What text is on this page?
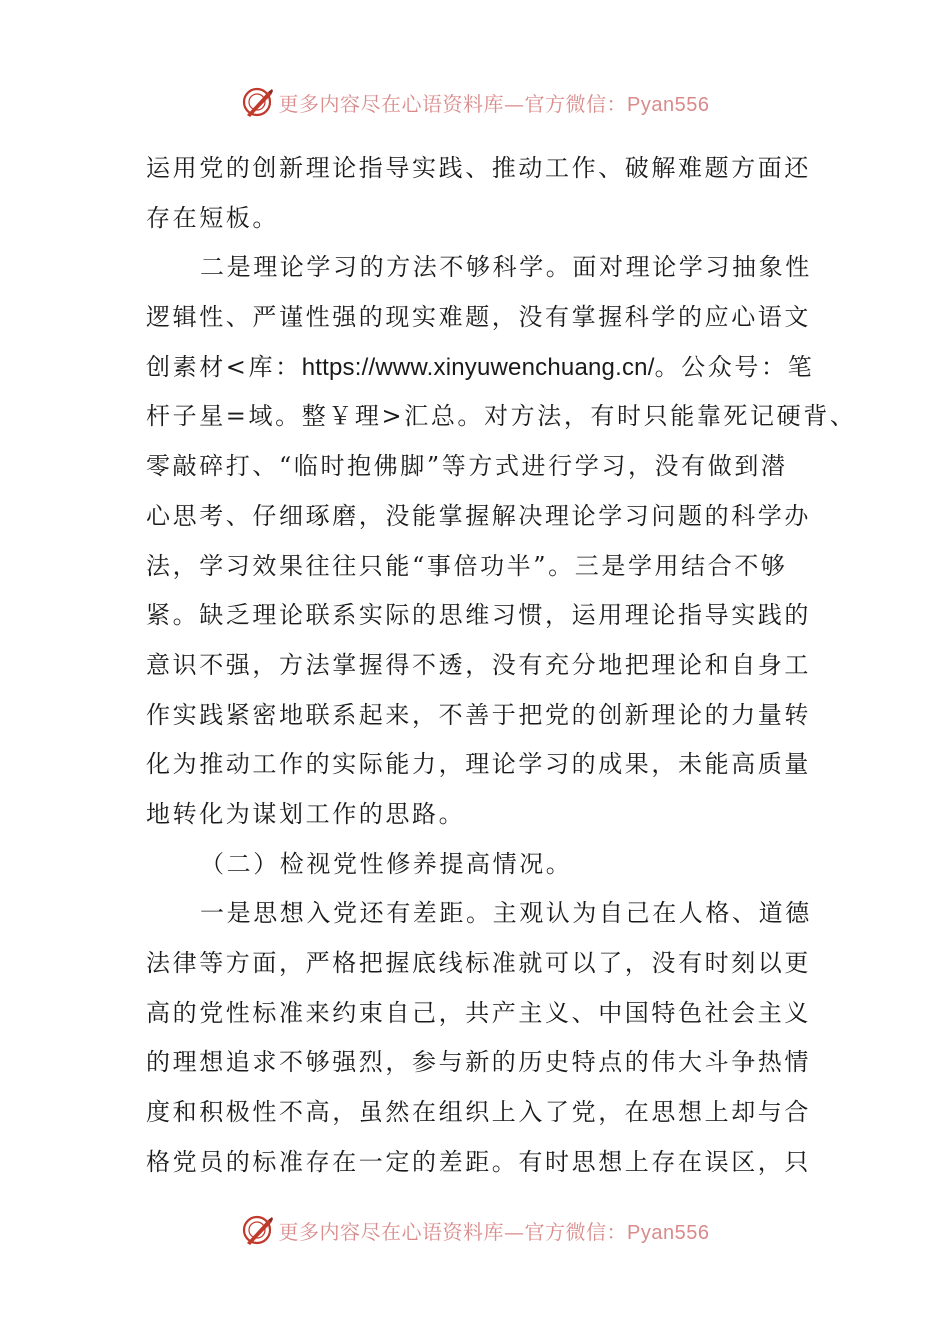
更多内容尽在心语资料库—官方微信：Pyan556
运用党的创新理论指导实践、推动工作、破解难题方面还
存在短板。
二是理论学习的方法不够科学。面对理论学习抽象性
逻辑性、严谨性强的现实难题，没有掌握科学的应心语文
创素材<库：https://www.xinyuwenchuang.cn/。公众号：笔
杆子星=域。整￥理>汇总。对方法，有时只能靠死记硬背、
零敲碎打、“临时抱佛脚”等方式进行学习，没有做到潜
心思考、仔细琢磨，没能掌握解决理论学习问题的科学办
法，学习效果往往只能“事倍功半”。三是学用结合不够
紧。缺乏理论联系实际的思维习惯，运用理论指导实践的
意识不强，方法掌握得不透，没有充分地把理论和自身工
作实践紧密地联系起来，不善于把党的创新理论的力量转
化为推动工作的实际能力，理论学习的成果，未能高质量
地转化为谋划工作的思路。
（二）检视党性修养提高情况。
一是思想入党还有差距。主观认为自己在人格、道德
法律等方面，严格把握底线标准就可以了，没有时刻以更
高的党性标准来约束自己，共产主义、中国特色社会主义
的理想追求不够强烈，参与新的历史特点的伟大斗争热情
度和积极性不高，虽然在组织上入了党，在思想上却与合
格党员的标准存在一定的差距。有时思想上存在误区，只
更多内容尽在心语资料库—官方微信：Pyan556
